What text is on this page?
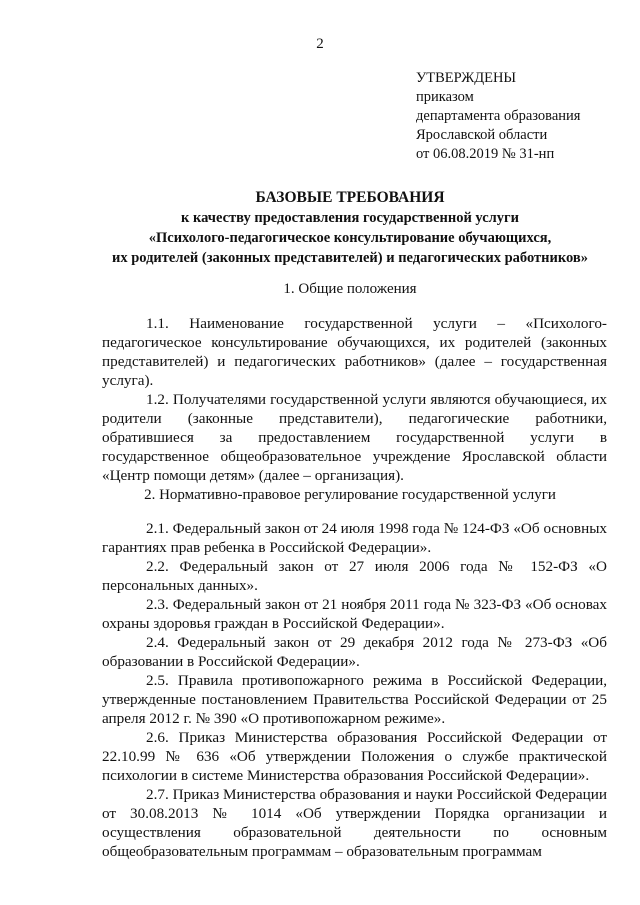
2
УТВЕРЖДЕНЫ
приказом
департамента образования
Ярославской области
от 06.08.2019 № 31-нп
БАЗОВЫЕ ТРЕБОВАНИЯ
к качеству предоставления государственной услуги
«Психолого-педагогическое консультирование обучающихся,
их родителей (законных представителей) и педагогических работников»
1. Общие положения

1.1. Наименование государственной услуги – «Психолого-педагогическое консультирование обучающихся, их родителей (законных представителей) и педагогических работников» (далее – государственная услуга).

1.2. Получателями государственной услуги являются обучающиеся, их родители (законные представители), педагогические работники, обратившиеся за предоставлением государственной услуги в государственное общеобразовательное учреждение Ярославской области «Центр помощи детям» (далее – организация).

2. Нормативно-правовое регулирование государственной услуги

2.1. Федеральный закон от 24 июля 1998 года № 124-ФЗ «Об основных гарантиях прав ребенка в Российской Федерации».

2.2. Федеральный закон от 27 июля 2006 года № 152-ФЗ «О персональных данных».

2.3. Федеральный закон от 21 ноября 2011 года № 323-ФЗ «Об основах охраны здоровья граждан в Российской Федерации».

2.4. Федеральный закон от 29 декабря 2012 года № 273-ФЗ «Об образовании в Российской Федерации».

2.5. Правила противопожарного режима в Российской Федерации, утвержденные постановлением Правительства Российской Федерации от 25 апреля 2012 г. № 390 «О противопожарном режиме».

2.6. Приказ Министерства образования Российской Федерации от 22.10.99 № 636 «Об утверждении Положения о службе практической психологии в системе Министерства образования Российской Федерации».

2.7. Приказ Министерства образования и науки Российской Федерации от 30.08.2013 № 1014 «Об утверждении Порядка организации и осуществления образовательной деятельности по основным общеобразовательным программам – образовательным программам
